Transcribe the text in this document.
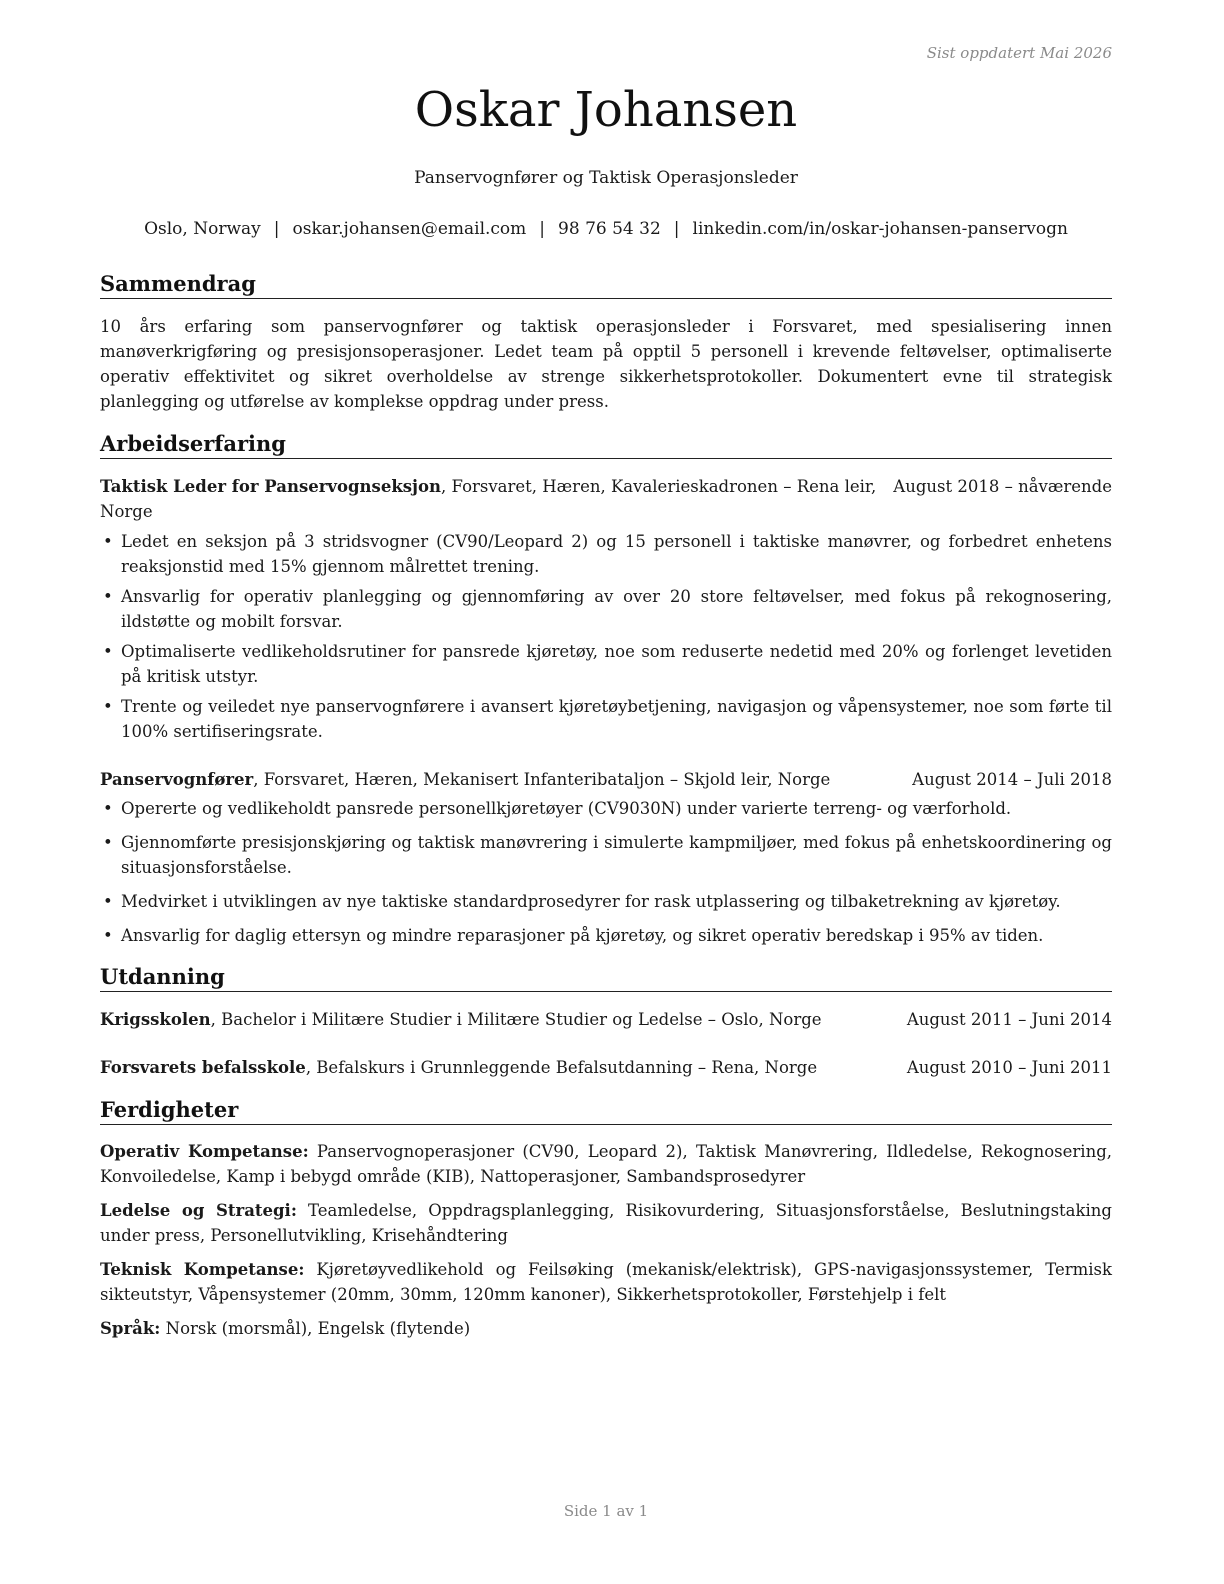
Sist oppdatert Mai 2026
Oskar Johansen
Panservognfører og Taktisk Operasjonsleder
Oslo, Norway | oskar.johansen@email.com | 98 76 54 32 | linkedin.com/in/oskar-johansen-panservogn
Sammendrag

10 års erfaring som panservognfører og taktisk operasjonsleder i Forsvaret, med spesialisering innen manøverkrigføring og presisjonsoperasjoner. Ledet team på opptil 5 personell i krevende feltøvelser, optimaliserte operativ effektivitet og sikret overholdelse av strenge sikkerhetsprotokoller. Dokumentert evne til strategisk planlegging og utførelse av komplekse oppdrag under press.

Arbeidserfaring
Taktisk Leder for Panservognseksjon, Forsvaret, Hæren, Kavalerieskadronen – Rena leir,	August 2018 – nåværende
Norge
• Ledet en seksjon på 3 stridsvogner (CV90/Leopard 2) og 15 personell i taktiske manøvrer, og forbedret enhetens reaksjonstid med 15% gjennom målrettet trening.
• Ansvarlig for operativ planlegging og gjennomføring av over 20 store feltøvelser, med fokus på rekognosering, ildstøtte og mobilt forsvar.
• Optimaliserte vedlikeholdsrutiner for pansrede kjøretøy, noe som reduserte nedetid med 20% og forlenget levetiden på kritisk utstyr.
• Trente og veiledet nye panservognførere i avansert kjøretøybetjening, navigasjon og våpensystemer, noe som førte til 100% sertifiseringsrate.
Panservognfører, Forsvaret, Hæren, Mekanisert Infanteribataljon – Skjold leir, Norge	August 2014 – Juli 2018
• Opererte og vedlikeholdt pansrede personellkjøretøyer (CV9030N) under varierte terreng- og værforhold.
• Gjennomførte presisjonskjøring og taktisk manøvrering i simulerte kampmiljøer, med fokus på enhetskoordinering og situasjonsforståelse.
• Medvirket i utviklingen av nye taktiske standardprosedyrer for rask utplassering og tilbaketrekning av kjøretøy.
• Ansvarlig for daglig ettersyn og mindre reparasjoner på kjøretøy, og sikret operativ beredskap i 95% av tiden.
Utdanning
Krigsskolen, Bachelor i Militære Studier i Militære Studier og Ledelse – Oslo, Norge	August 2011 – Juni 2014
Forsvarets befalsskole, Befalskurs i Grunnleggende Befalsutdanning – Rena, Norge	August 2010 – Juni 2011
Ferdigheter

Operativ Kompetanse: Panservognoperasjoner (CV90, Leopard 2), Taktisk Manøvrering, Ildledelse, Rekognosering, Konvoiledelse, Kamp i bebygd område (KIB), Nattoperasjoner, Sambandsprosedyrer

Ledelse og Strategi: Teamledelse, Oppdragsplanlegging, Risikovurdering, Situasjonsforståelse, Beslutningstaking under press, Personellutvikling, Krisehåndtering

Teknisk Kompetanse: Kjøretøyvedlikehold og Feilsøking (mekanisk/elektrisk), GPS-navigasjonssystemer, Termisk sikteutstyr, Våpensystemer (20mm, 30mm, 120mm kanoner), Sikkerhetsprotokoller, Førstehjelp i felt

Språk: Norsk (morsmål), Engelsk (flytende)

Side 1 av 1
